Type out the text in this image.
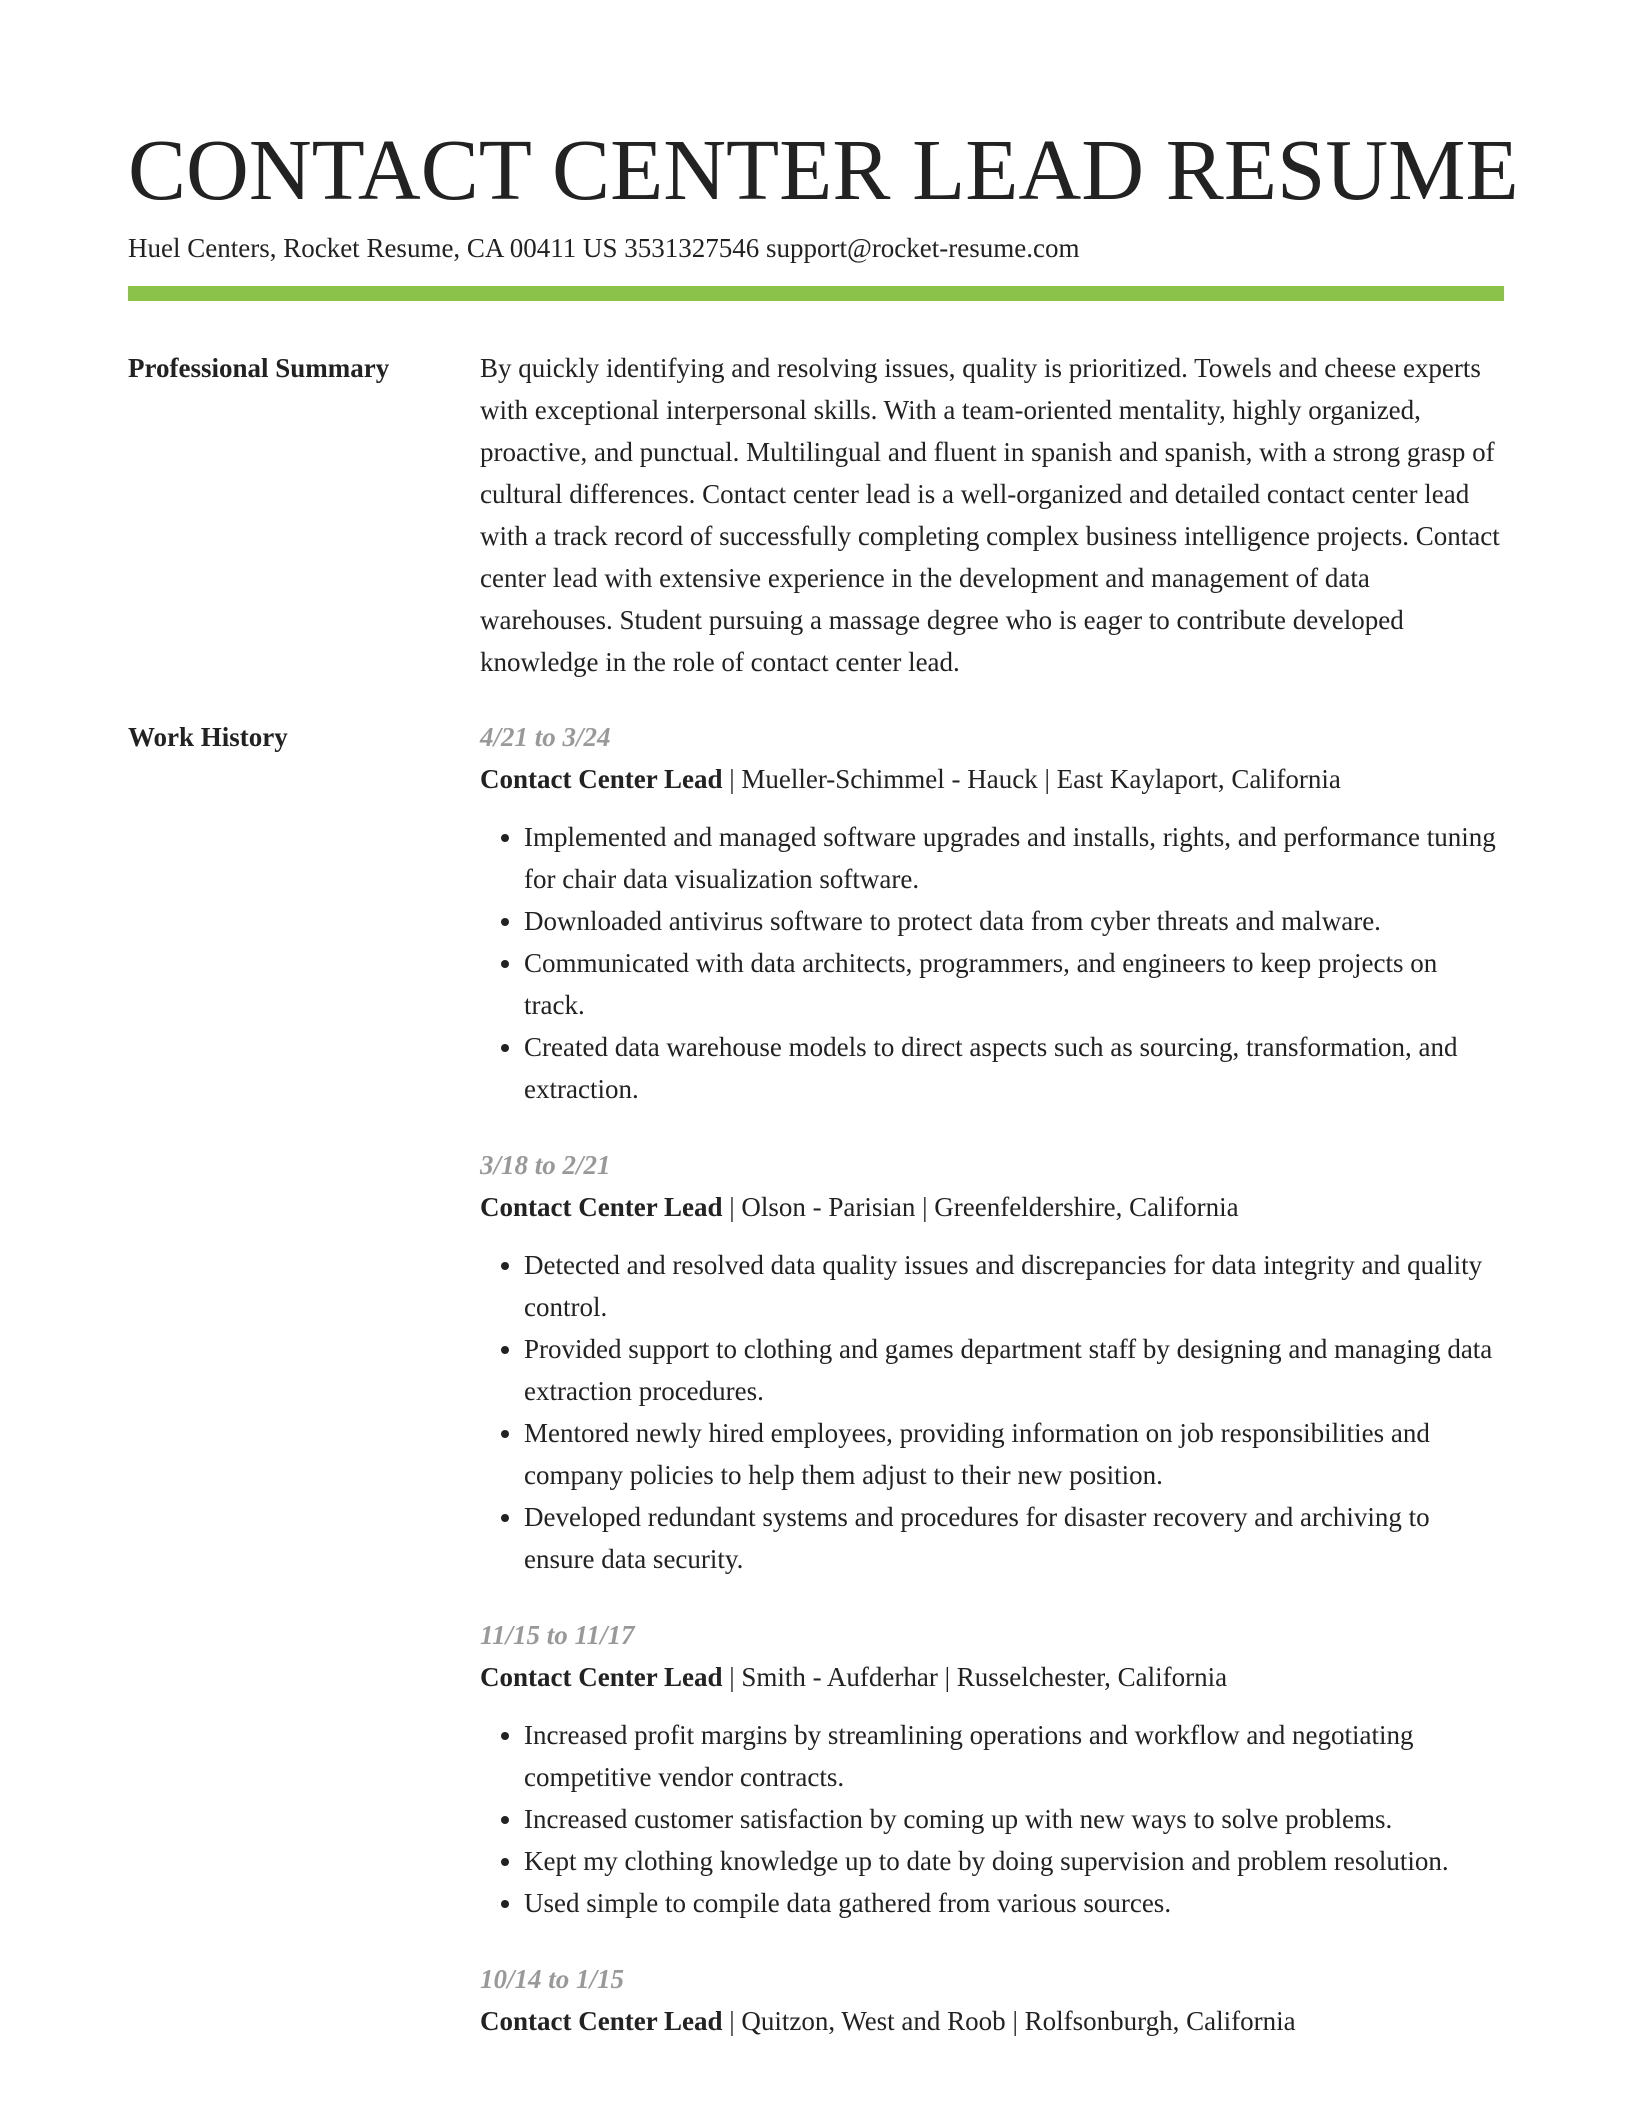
CONTACT CENTER LEAD RESUME
Huel Centers, Rocket Resume, CA 00411 US 3531327546 support@rocket-resume.com
Professional Summary	By quickly identifying and resolving issues, quality is prioritized. Towels and cheese experts with exceptional interpersonal skills. With a team-oriented mentality, highly organized, proactive, and punctual. Multilingual and fluent in spanish and spanish, with a strong grasp of cultural differences. Contact center lead is a well-organized and detailed contact center lead with a track record of successfully completing complex business intelligence projects. Contact center lead with extensive experience in the development and management of data warehouses. Student pursuing a massage degree who is eager to contribute developed knowledge in the role of contact center lead.

Work History	4/21 to 3/24
Contact Center Lead | Mueller-Schimmel - Hauck | East Kaylaport, California
• Implemented and managed software upgrades and installs, rights, and performance tuning for chair data visualization software.
• Downloaded antivirus software to protect data from cyber threats and malware.
• Communicated with data architects, programmers, and engineers to keep projects on track.
• Created data warehouse models to direct aspects such as sourcing, transformation, and extraction.
3/18 to 2/21
Contact Center Lead | Olson - Parisian | Greenfeldershire, California
• Detected and resolved data quality issues and discrepancies for data integrity and quality control.
• Provided support to clothing and games department staff by designing and managing data extraction procedures.
• Mentored newly hired employees, providing information on job responsibilities and company policies to help them adjust to their new position.
• Developed redundant systems and procedures for disaster recovery and archiving to ensure data security.
11/15 to 11/17
Contact Center Lead | Smith - Aufderhar | Russelchester, California
• Increased profit margins by streamlining operations and workflow and negotiating competitive vendor contracts.
• Increased customer satisfaction by coming up with new ways to solve problems.
• Kept my clothing knowledge up to date by doing supervision and problem resolution.
• Used simple to compile data gathered from various sources.
10/14 to 1/15
Contact Center Lead | Quitzon, West and Roob | Rolfsonburgh, California
